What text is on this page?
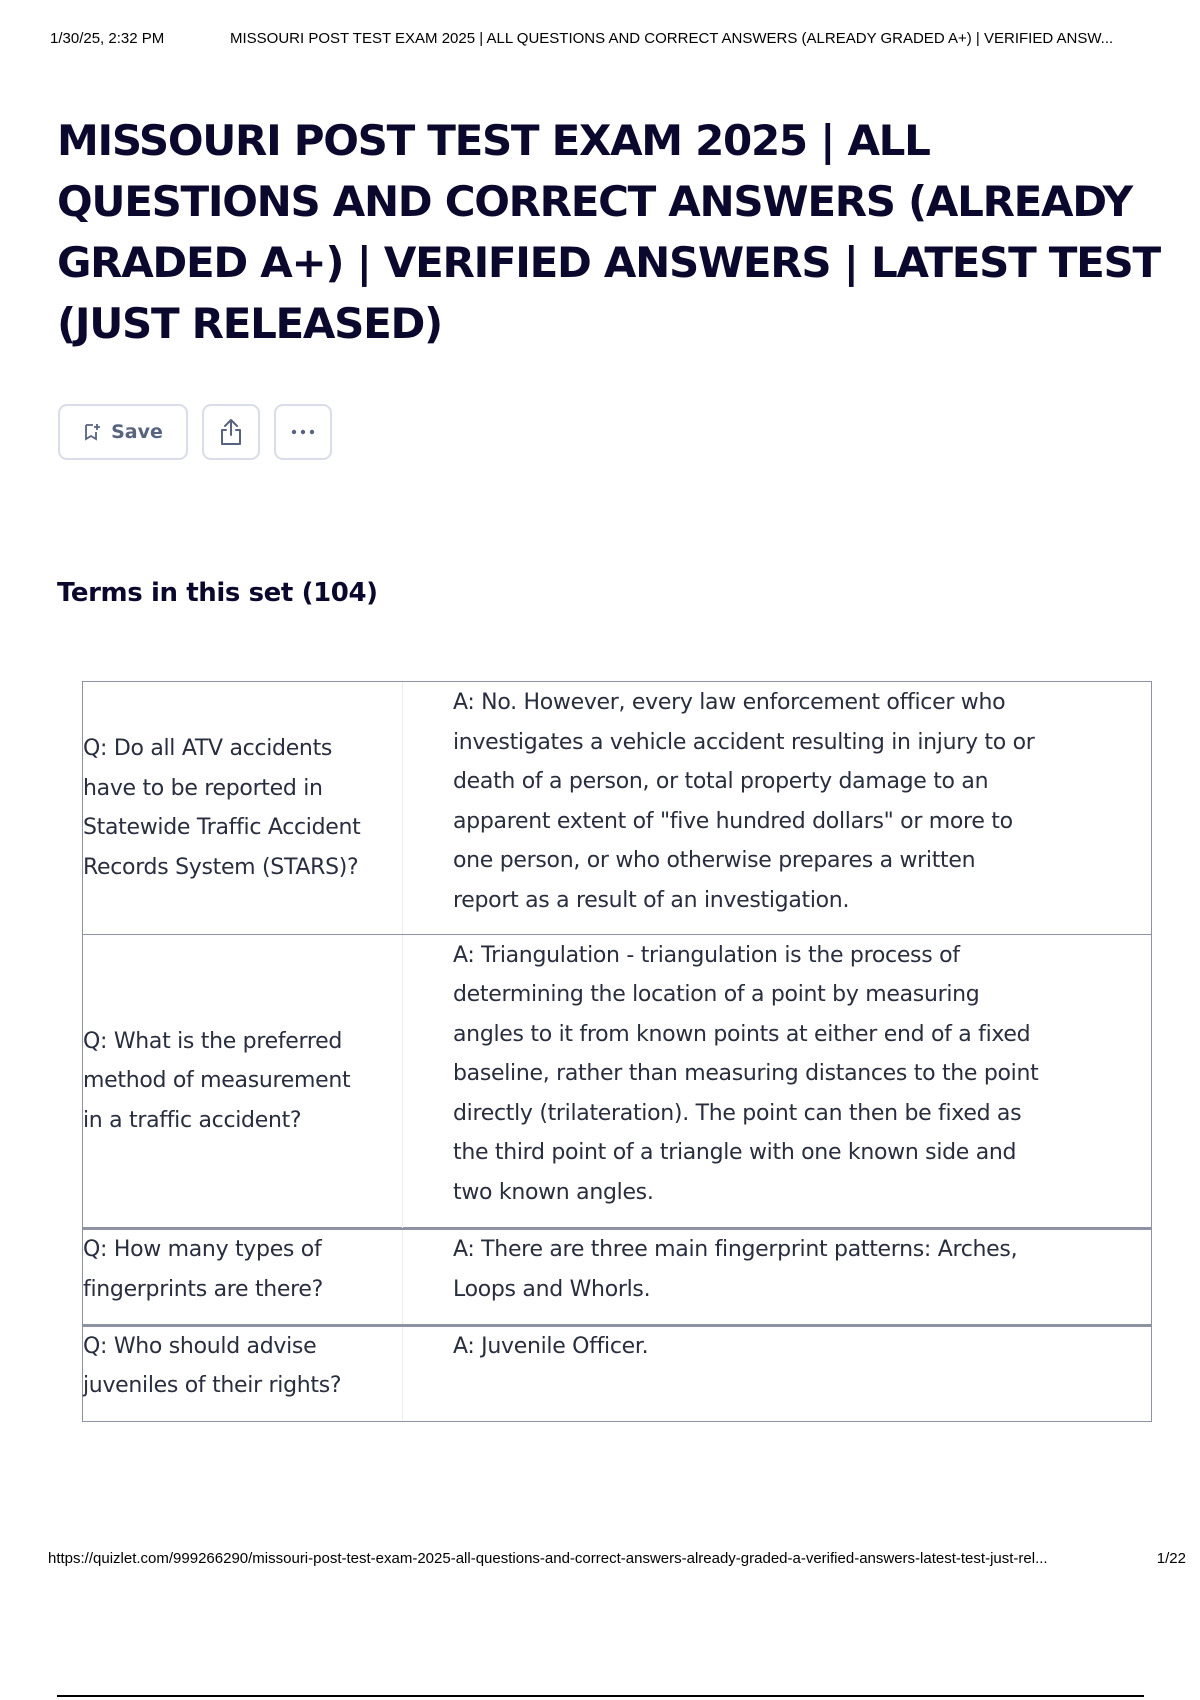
1/30/25, 2:32 PM	MISSOURI POST TEST EXAM 2025 | ALL QUESTIONS AND CORRECT ANSWERS (ALREADY GRADED A+) | VERIFIED ANSW...
MISSOURI POST TEST EXAM 2025 | ALL QUESTIONS AND CORRECT ANSWERS (ALREADY GRADED A+) | VERIFIED ANSWERS | LATEST TEST (JUST RELEASED)
Save
Terms in this set (104)
Q: Do all ATV accidents
have to be reported in
Statewide Traffic Accident
Records System (STARS)?
A: No. However, every law enforcement officer who
investigates a vehicle accident resulting in injury to or
death of a person, or total property damage to an
apparent extent of "five hundred dollars" or more to
one person, or who otherwise prepares a written
report as a result of an investigation.
Q: What is the preferred
method of measurement
in a traffic accident?
A: Triangulation - triangulation is the process of
determining the location of a point by measuring
angles to it from known points at either end of a fixed
baseline, rather than measuring distances to the point
directly (trilateration). The point can then be fixed as
the third point of a triangle with one known side and
two known angles.
Q: How many types of
fingerprints are there?
A: There are three main fingerprint patterns: Arches,
Loops and Whorls.
Q: Who should advise
juveniles of their rights?
A: Juvenile Officer.
https://quizlet.com/999266290/missouri-post-test-exam-2025-all-questions-and-correct-answers-already-graded-a-verified-answers-latest-test-just-rel...	1/22
